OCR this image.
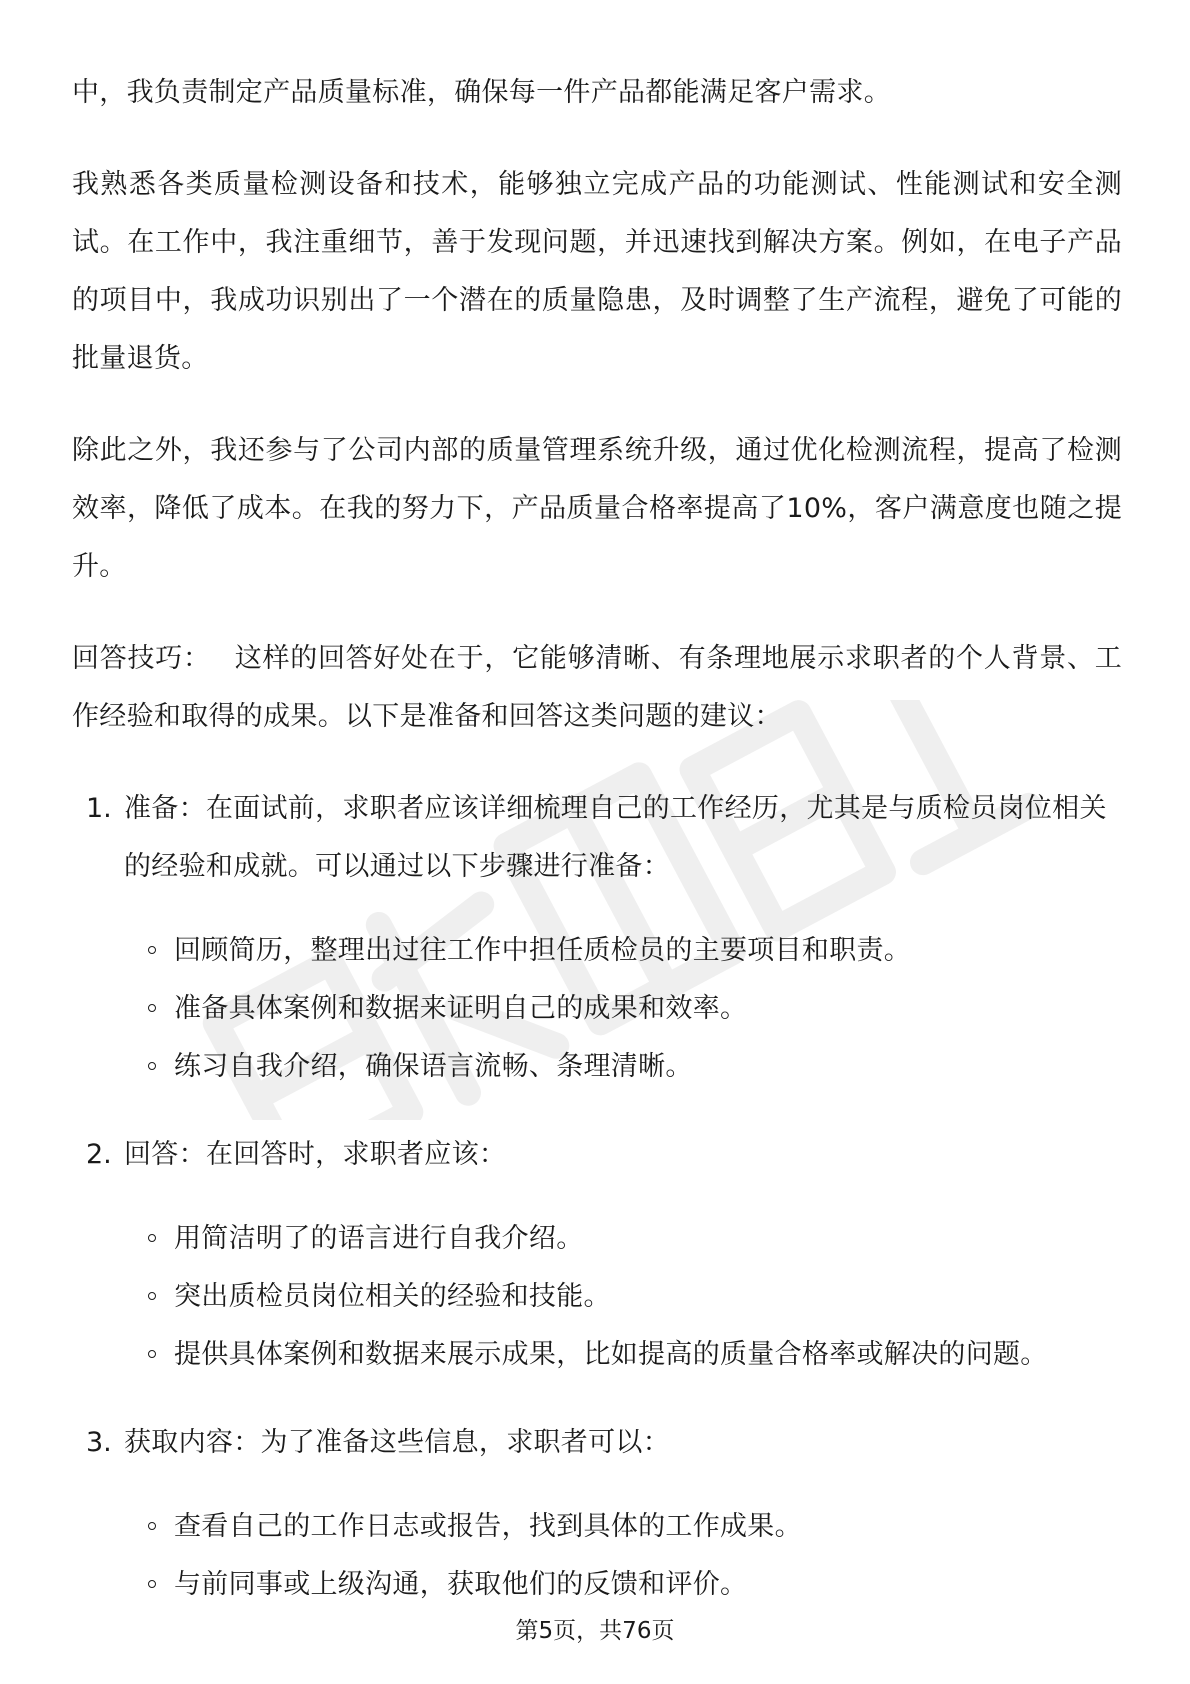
中，我负责制定产品质量标准，确保每一件产品都能满足客户需求。

我熟悉各类质量检测设备和技术，能够独立完成产品的功能测试、性能测试和安全测试。在工作中，我注重细节，善于发现问题，并迅速找到解决方案。例如，在电子产品的项目中，我成功识别出了一个潜在的质量隐患，及时调整了生产流程，避免了可能的批量退货。

除此之外，我还参与了公司内部的质量管理系统升级，通过优化检测流程，提高了检测效率，降低了成本。在我的努力下，产品质量合格率提高了10%，客户满意度也随之提升。

回答技巧： 这样的回答好处在于，它能够清晰、有条理地展示求职者的个人背景、工作经验和取得的成果。以下是准备和回答这类问题的建议：

1. 准备：在面试前，求职者应该详细梳理自己的工作经历，尤其是与质检员岗位相关的经验和成就。可以通过以下步骤进行准备：

回顾简历，整理出过往工作中担任质检员的主要项目和职责。
准备具体案例和数据来证明自己的成果和效率。
练习自我介绍，确保语言流畅、条理清晰。
2. 回答：在回答时，求职者应该：

用简洁明了的语言进行自我介绍。
突出质检员岗位相关的经验和技能。
提供具体案例和数据来展示成果，比如提高的质量合格率或解决的问题。
3. 获取内容：为了准备这些信息，求职者可以：

查看自己的工作日志或报告，找到具体的工作成果。
与前同事或上级沟通，获取他们的反馈和评价。
第5页，共76页
